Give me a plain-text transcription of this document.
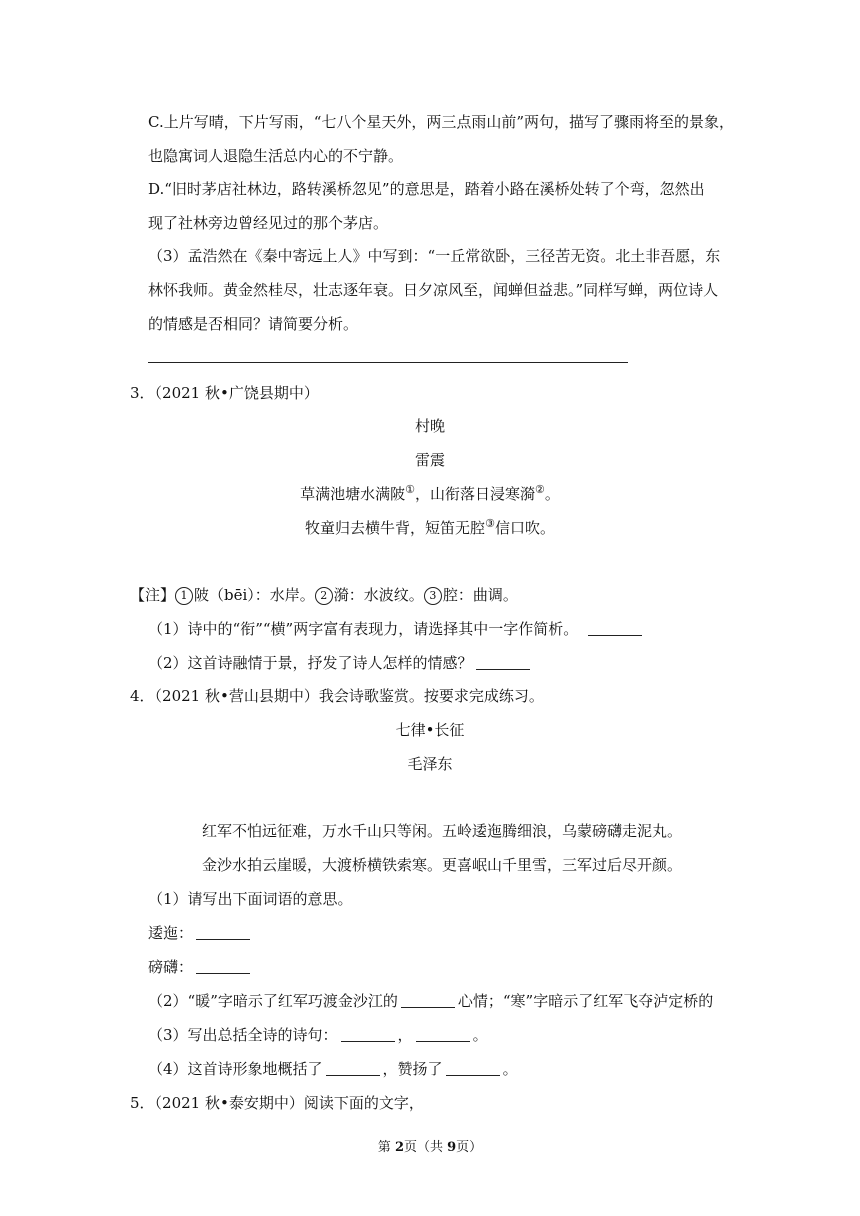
C.上片写晴，下片写雨，“七八个星天外，两三点雨山前”两句，描写了骤雨将至的景象，
也隐寓词人退隐生活总内心的不宁静。
D.“旧时茅店社林边，路转溪桥忽见”的意思是，踏着小路在溪桥处转了个弯，忽然出
现了社林旁边曾经见过的那个茅店。
（3）孟浩然在《秦中寄远上人》中写到：“一丘常欲卧，三径苦无资。北土非吾愿，东
林怀我师。黄金然桂尽，壮志逐年衰。日夕凉风至，闻蝉但益悲。”同样写蝉，两位诗人
的情感是否相同？请简要分析。
3．（2021 秋•广饶县期中）
村晚
雷震
草满池塘水满陂①，山衔落日浸寒漪②。
牧童归去横牛背，短笛无腔③信口吹。
【注】 1 陂（bēi）：水岸。 2 漪：水波纹。 3 腔：曲调。
（1）诗中的“衔”“横”两字富有表现力，请选择其中一字作简析。
（2）这首诗融情于景，抒发了诗人怎样的情感？
4．（2021 秋•营山县期中）我会诗歌鉴赏。按要求完成练习。
七律•长征
毛泽东
红军不怕远征难，万水千山只等闲。五岭逶迤腾细浪，乌蒙磅礴走泥丸。
金沙水拍云崖暖，大渡桥横铁索寒。更喜岷山千里雪，三军过后尽开颜。
（1）请写出下面词语的意思。
逶迤：
磅礴：
（2）“暖”字暗示了红军巧渡金沙江的	心情；“寒”字暗示了红军飞夺泸定桥的
（3）写出总括全诗的诗句：	，	。
（4）这首诗形象地概括了	，赞扬了	。
5．（2021 秋•泰安期中）阅读下面的文字，
第 2页（共 9页）
